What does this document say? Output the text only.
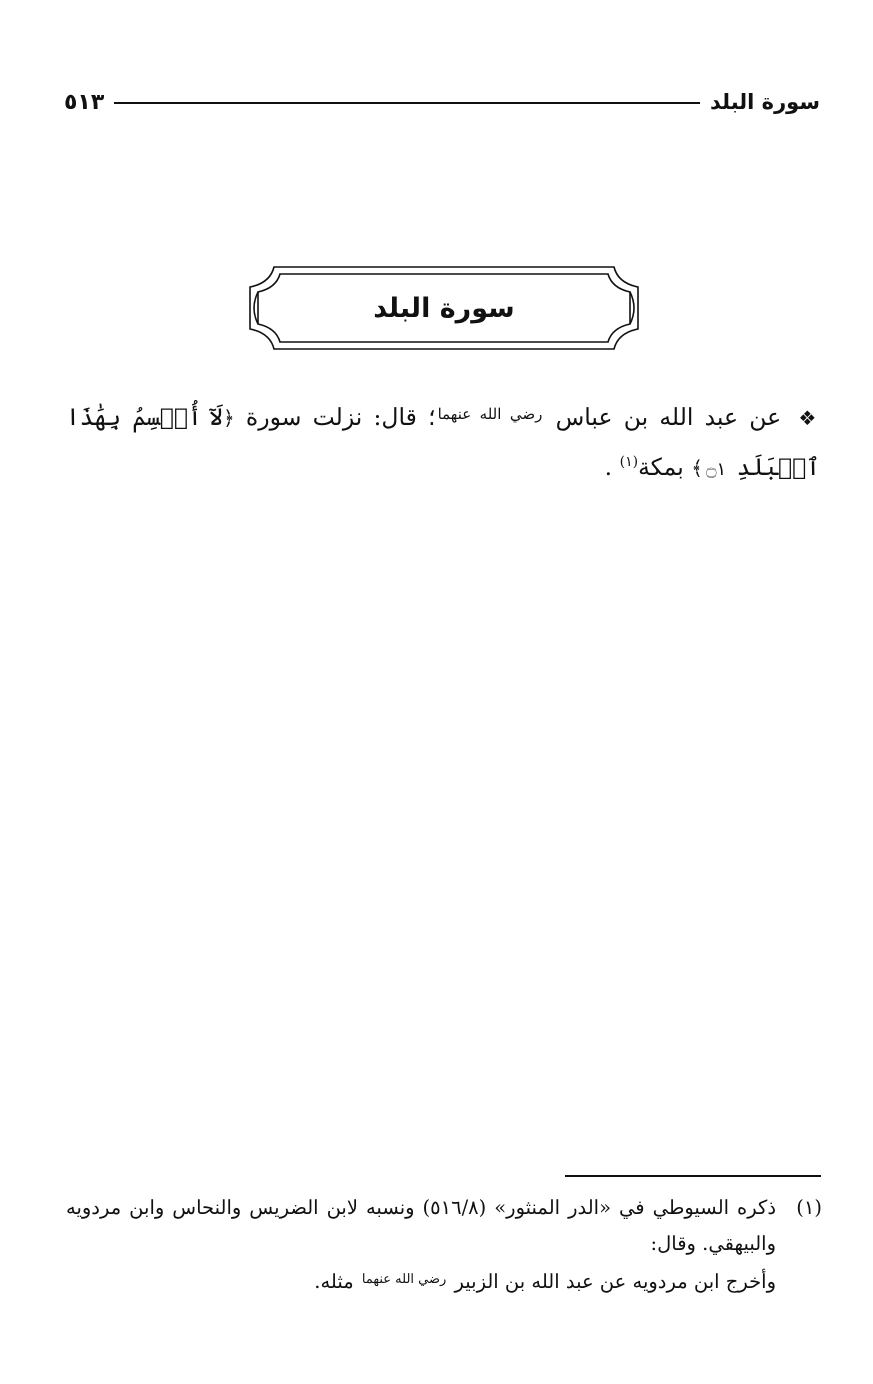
سورة البلد
٥١٣
سورة البلد
❖ عن عبد الله بن عباس $^{رضي الله عنهما}$؛ قال: نزلت سورة ﴿لَآ أُقۡسِمُ بِهَٰذَا ٱلۡبَلَدِ ۝١﴾ بمكة$^{(١)}$ .
(١)

ذكره السيوطي في «الدر المنثور» (٥١٦/٨) ونسبه لابن الضريس والنحاس وابن مردويه والبيهقي. وقال:

وأخرج ابن مردويه عن عبد الله بن الزبير $^{رضي الله عنهما}$ مثله.
